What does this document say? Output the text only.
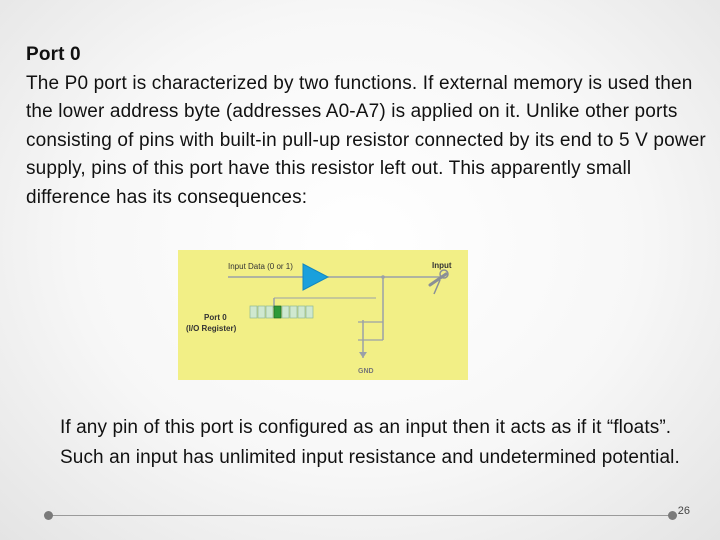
Port 0
The P0 port is characterized by two functions. If external memory is used then the lower address byte (addresses A0-A7) is applied on it. Unlike other ports consisting of pins with built-in pull-up resistor connected by its end to 5 V power supply, pins of this port have this resistor left out. This apparently small difference has its consequences:
Input Data (0 or 1)	Input
Port 0
(I/O Register)
GND
If any pin of this port is configured as an input then it acts as if it “floats”. Such an input has unlimited input resistance and undetermined potential.
26
